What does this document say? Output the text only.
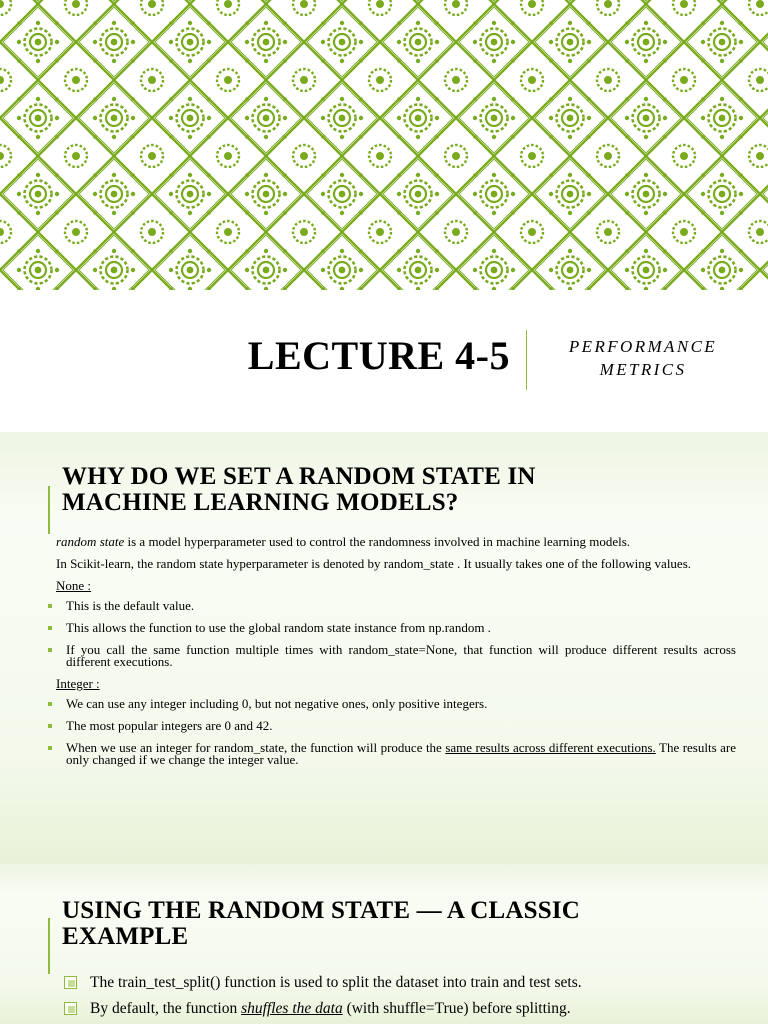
LECTURE 4-5	PERFORMANCE
METRICS
WHY DO WE SET A RANDOM STATE IN
MACHINE LEARNING MODELS?

random state is a model hyperparameter used to control the randomness involved in machine learning models.

In Scikit-learn, the random state hyperparameter is denoted by random_state . It usually takes one of the following values.

None :
This is the default value.
This allows the function to use the global random state instance from np.random .
If you call the same function multiple times with random_state=None, that function will produce different results across different executions.
Integer :
We can use any integer including 0, but not negative ones, only positive integers.
The most popular integers are 0 and 42.
When we use an integer for random_state, the function will produce the same results across different executions. The results are only changed if we change the integer value.
USING THE RANDOM STATE — A CLASSIC
EXAMPLE
The train_test_split() function is used to split the dataset into train and test sets.
By default, the function shuffles the data (with shuffle=True) before splitting.
